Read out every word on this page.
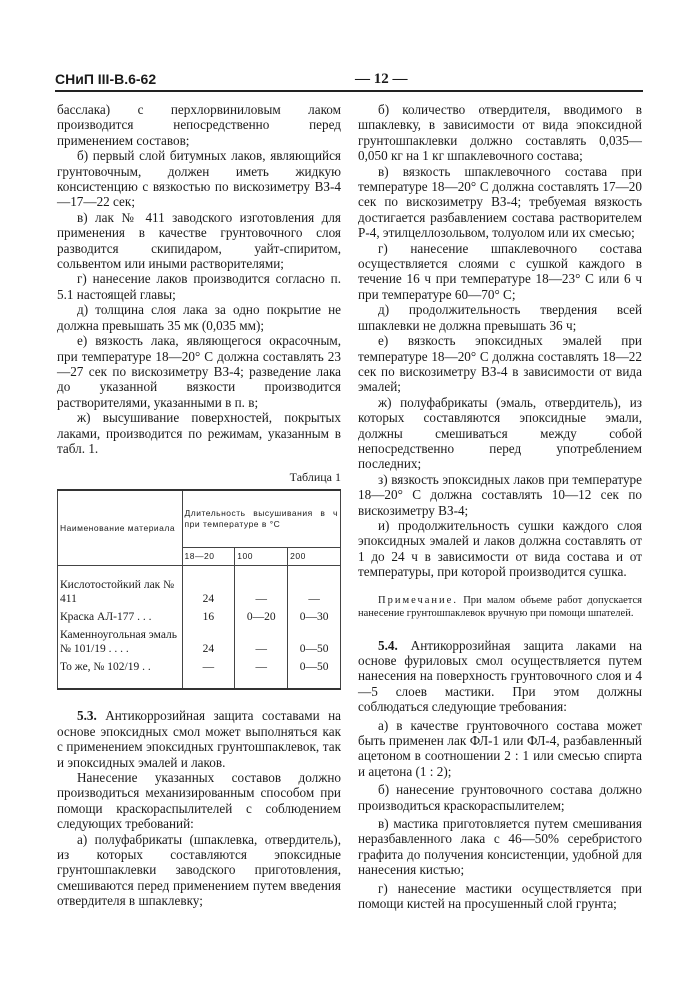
СНиП III-В.6-62	— 12 —

басслака) с перхлорвиниловым лаком производится непосредственно перед применением составов;

б) первый слой битумных лаков, являющийся грунтовочным, должен иметь жидкую консистенцию с вязкостью по вискозиметру ВЗ-4—17—22 сек;

в) лак № 411 заводского изготовления для применения в качестве грунтовочного слоя разводится скипидаром, уайт-спиритом, сольвентом или иными растворителями;

г) нанесение лаков производится согласно п. 5.1 настоящей главы;

д) толщина слоя лака за одно покрытие не должна превышать 35 мк (0,035 мм);

е) вязкость лака, являющегося окрасочным, при температуре 18—20° С должна составлять 23—27 сек по вискозиметру ВЗ-4; разведение лака до указанной вязкости производится растворителями, указанными в п. в;

ж) высушивание поверхностей, покрытых лаками, производится по режимам, указанным в табл. 1.

Таблица 1
Наименование материала	Длительность высушивания в ч при температуре в °С		
	18—20	100	200
Кислотостойкий лак № 411	24	—	—
Краска АЛ-177 . . .	16	0—20	0—30
Каменноугольная эмаль № 101/19 . . . .	24	—	0—50
То же, № 102/19 . .	—	—	0—50

5.3. Антикоррозийная защита составами на основе эпоксидных смол может выполняться как с применением эпоксидных грунтошпаклевок, так и эпоксидных эмалей и лаков.

Нанесение указанных составов должно производиться механизированным способом при помощи краскораспылителей с соблюдением следующих требований:

а) полуфабрикаты (шпаклевка, отвердитель), из которых составляются эпоксидные грунтошпаклевки заводского приготовления, смешиваются перед применением путем введения отвердителя в шпаклевку;

б) количество отвердителя, вводимого в шпаклевку, в зависимости от вида эпоксидной грунтошпаклевки должно составлять 0,035—0,050 кг на 1 кг шпаклевочного состава;

в) вязкость шпаклевочного состава при температуре 18—20° С должна составлять 17—20 сек по вискозиметру ВЗ-4; требуемая вязкость достигается разбавлением состава растворителем Р-4, этилцеллозольвом, толуолом или их смесью;

г) нанесение шпаклевочного состава осуществляется слоями с сушкой каждого в течение 16 ч при температуре 18—23° С или 6 ч при температуре 60—70° С;

д) продолжительность твердения всей шпаклевки не должна превышать 36 ч;

е) вязкость эпоксидных эмалей при температуре 18—20° С должна составлять 18—22 сек по вискозиметру ВЗ-4 в зависимости от вида эмалей;

ж) полуфабрикаты (эмаль, отвердитель), из которых составляются эпоксидные эмали, должны смешиваться между собой непосредственно перед употреблением последних;

з) вязкость эпоксидных лаков при температуре 18—20° С должна составлять 10—12 сек по вискозиметру ВЗ-4;

и) продолжительность сушки каждого слоя эпоксидных эмалей и лаков должна составлять от 1 до 24 ч в зависимости от вида состава и от температуры, при которой производится сушка.

Примечание. При малом объеме работ допускается нанесение грунтошпаклевок вручную при помощи шпателей.

5.4. Антикоррозийная защита лаками на основе фуриловых смол осуществляется путем нанесения на поверхность грунтовочного слоя и 4—5 слоев мастики. При этом должны соблюдаться следующие требования:

а) в качестве грунтовочного состава может быть применен лак ФЛ-1 или ФЛ-4, разбавленный ацетоном в соотношении 2 : 1 или смесью спирта и ацетона (1 : 2);

б) нанесение грунтовочного состава должно производиться краскораспылителем;

в) мастика приготовляется путем смешивания неразбавленного лака с 46—50% серебристого графита до получения консистенции, удобной для нанесения кистью;

г) нанесение мастики осуществляется при помощи кистей на просушенный слой грунта;
